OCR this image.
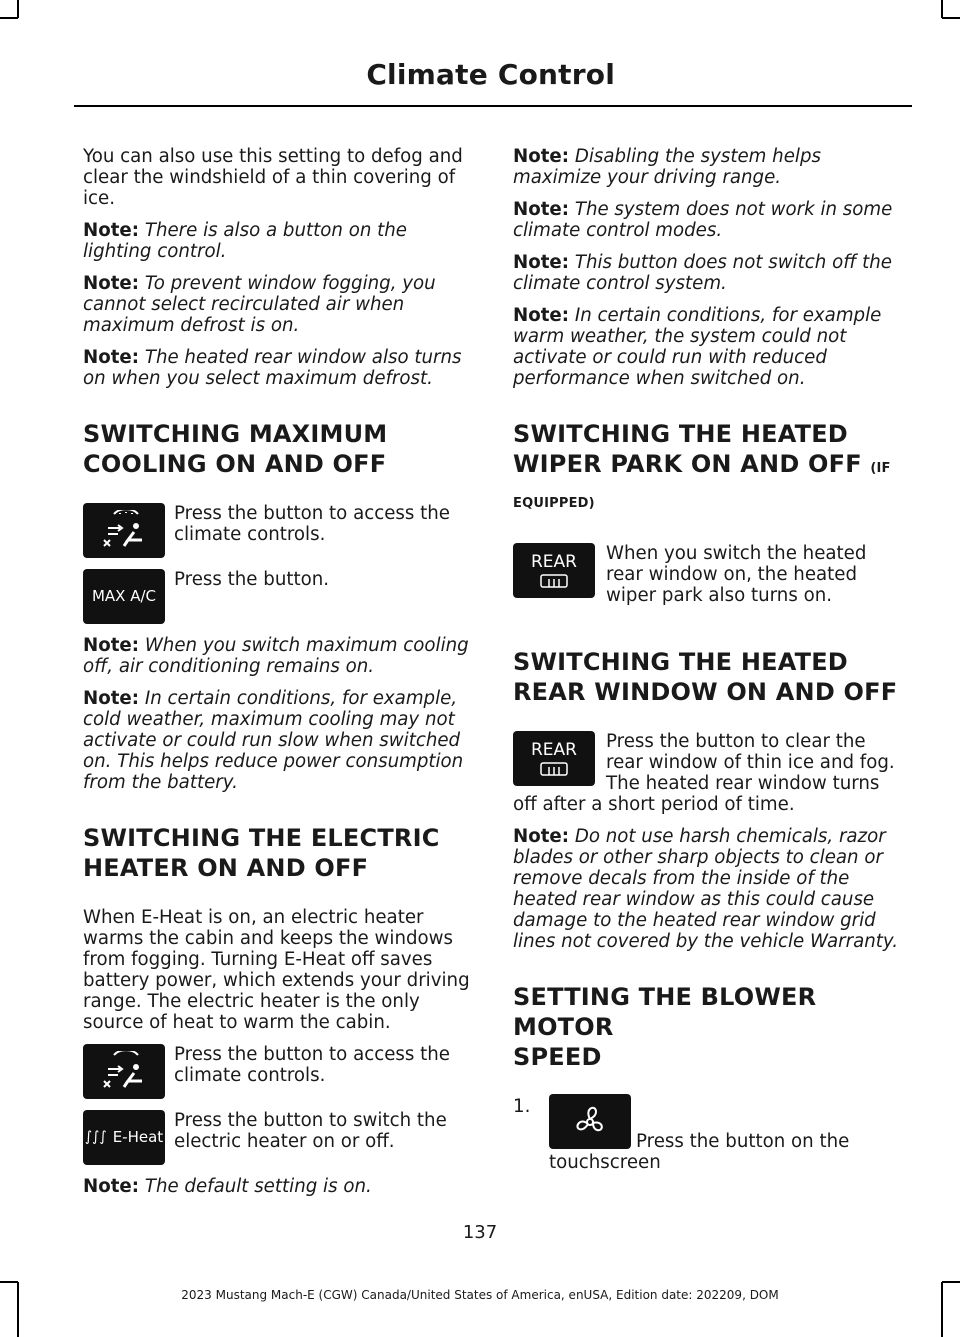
Climate Control

You can also use this setting to defog and clear the windshield of a thin covering of ice.

Note: There is also a button on the lighting control.

Note: To prevent window fogging, you cannot select recirculated air when maximum defrost is on.

Note: The heated rear window also turns on when you select maximum defrost.

SWITCHING MAXIMUM
COOLING ON AND OFF
Press the button to access the climate controls.
MAX A/C
Press the button.

Note: When you switch maximum cooling off, air conditioning remains on.

Note: In certain conditions, for example, cold weather, maximum cooling may not activate or could run slow when switched on. This helps reduce power consumption from the battery.

SWITCHING THE ELECTRIC
HEATER ON AND OFF

When E-Heat is on, an electric heater warms the cabin and keeps the windows from fogging. Turning E-Heat off saves battery power, which extends your driving range. The electric heater is the only source of heat to warm the cabin.

Press the button to access the climate controls.
∫∫∫ E-Heat
Press the button to switch the electric heater on or off.

Note: The default setting is on.

Note: Disabling the system helps maximize your driving range.

Note: The system does not work in some climate control modes.

Note: This button does not switch off the climate control system.

Note: In certain conditions, for example warm weather, the system could not activate or could run with reduced performance when switched on.

SWITCHING THE HEATED
WIPER PARK ON AND OFF (IF
EQUIPPED)
REAR	When you switch the heated rear window on, the heated wiper park also turns on.

SWITCHING THE HEATED
REAR WINDOW ON AND OFF
REAR	Press the button to clear the rear window of thin ice and fog. The heated rear window turns off after a short period of time.

Note: Do not use harsh chemicals, razor blades or other sharp objects to clean or remove decals from the inside of the heated rear window as this could cause damage to the heated rear window grid lines not covered by the vehicle Warranty.

SETTING THE BLOWER MOTOR
SPEED
1.
Press the button on the touchscreen
137
2023 Mustang Mach-E (CGW) Canada/United States of America, enUSA, Edition date: 202209, DOM
